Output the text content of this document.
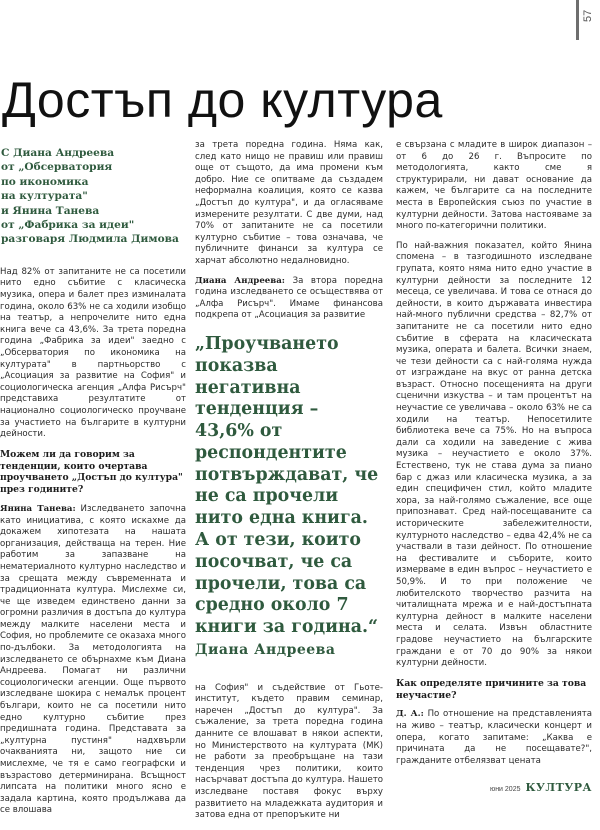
57
Достъп до култура
С Диана Андреева
от „Обсерватория
по икономика
на културата"
и Янина Танева
от „Фабрика за идеи"
разговаря Людмила Димова

Над 82% от запитаните не са посетили нито едно събитие с класическа музика, опера и балет през изминалата година, около 63% не са ходили изобщо на театър, а непрочелите нито една книга вече са 43,6%. За трета поредна година „Фабрика за идеи" заедно с „Обсерватория по икономика на културата" в партньорство с „Асоциация за развитие на София" и социологическа агенция „Алфа Рисърч" представиха резултатите от национално социологическо проучване за участието на българите в културни дейности.

Можем ли да говорим за тенденции, които очертава проучването „Достъп до култура" през годините?

Янина Танева: Изследването започна като инициатива, с която искахме да докажем хипотезата на нашата организация, действаща на терен. Ние работим за запазване на нематериалното културно наследство и за срещата между съвременната и традиционната култура. Мислехме си, че ще изведем единствено данни за огромни различия в достъпа до култура между малките населени места и София, но проблемите се оказаха много по-дълбоки. За методологията на изследването се обърнахме към Диана Андреева. Помагат ни различни социологически агенции. Още първото изследване шокира с немалък процент българи, които не са посетили нито едно културно събитие през предишната година. Представата за „културна пустиня" надхвърли очакванията ни, защото ние си мислехме, че тя е само географски и възрастово детерминирана. Всъщност липсата на политики много ясно е задала картина, която продължава да се влошава

за трета поредна година. Няма как, след като нищо не правиш или правиш още от същото, да има промени към добро. Ние се опитваме да създадем неформална коалиция, която се казва „Достъп до култура", и да огласяваме измерените резултати. С две думи, над 70% от запитаните не са посетили културно събитие – това означава, че публичните финанси за култура се харчат абсолютно недалновидно.

Диана Андреева: За втора поредна година изследването се осъществява от „Алфа Рисърч". Имаме финансова подкрепа от „Асоциация за развитие

„Проучването показва негативна тенденция – 43,6% от респондентите потвърждават, че не са прочели нито една книга. А от тези, които посочват, че са прочели, това са средно около 7 книги за година.“
Диана Андреева

на София" и съдействие от Гьоте-институт, където правим семинар, наречен „Достъп до култура". За съжаление, за трета поредна година данните се влошават в някои аспекти, но Министерството на културата (МК) не работи за преобръщане на тази тенденция чрез политики, които насърчават достъпа до култура. Нашето изследване поставя фокус върху развитието на младежката аудитория и затова една от препоръките ни

е свързана с младите в широк диапазон – от 6 до 26 г. Въпросите по методологията, както сме я структурирали, ни дават основание да кажем, че българите са на последните места в Европейския съюз по участие в културни дейности. Затова настояваме за много по-категорични политики.

По най-важния показател, който Янина спомена – в тазгодишното изследване групата, която няма нито едно участие в културни дейности за последните 12 месеца, се увеличава. И това се отнася до дейности, в които държавата инвестира най-много публични средства – 82,7% от запитаните не са посетили нито едно събитие в сферата на класическата музика, операта и балета. Всички знаем, че тези дейности са с най-голяма нужда от изграждане на вкус от ранна детска възраст. Относно посещенията на други сценични изкуства – и там процентът на неучастие се увеличава – около 63% не са ходили на театър. Непосетилите библиотека вече са 75%. Но на въпроса дали са ходили на заведение с жива музика – неучастието е около 37%. Естествено, тук не става дума за пиано бар с джаз или класическа музика, а за един специфичен стил, който младите хора, за най-голямо съжаление, все още припознават. Сред най-посещаваните са историческите забележителности, културното наследство – едва 42,4% не са участвали в тази дейност. По отношение на фестивалите и съборите, които измерваме в един въпрос – неучастието е 50,9%. И то при положение че любителското творчество разчита на читалищната мрежа и е най-достъпната културна дейност в малките населени места и селата. Извън областните градове неучастието на българските граждани е от 70 до 90% за някои културни дейности.

Как определяте причините за това неучастие?

Д. А.: По отношение на представленията на живо – театър, класически концерт и опера, когато запитаме: „Каква е причината да не посещавате?", гражданите отбелязват цената

юни 2025 КУЛТУРА
